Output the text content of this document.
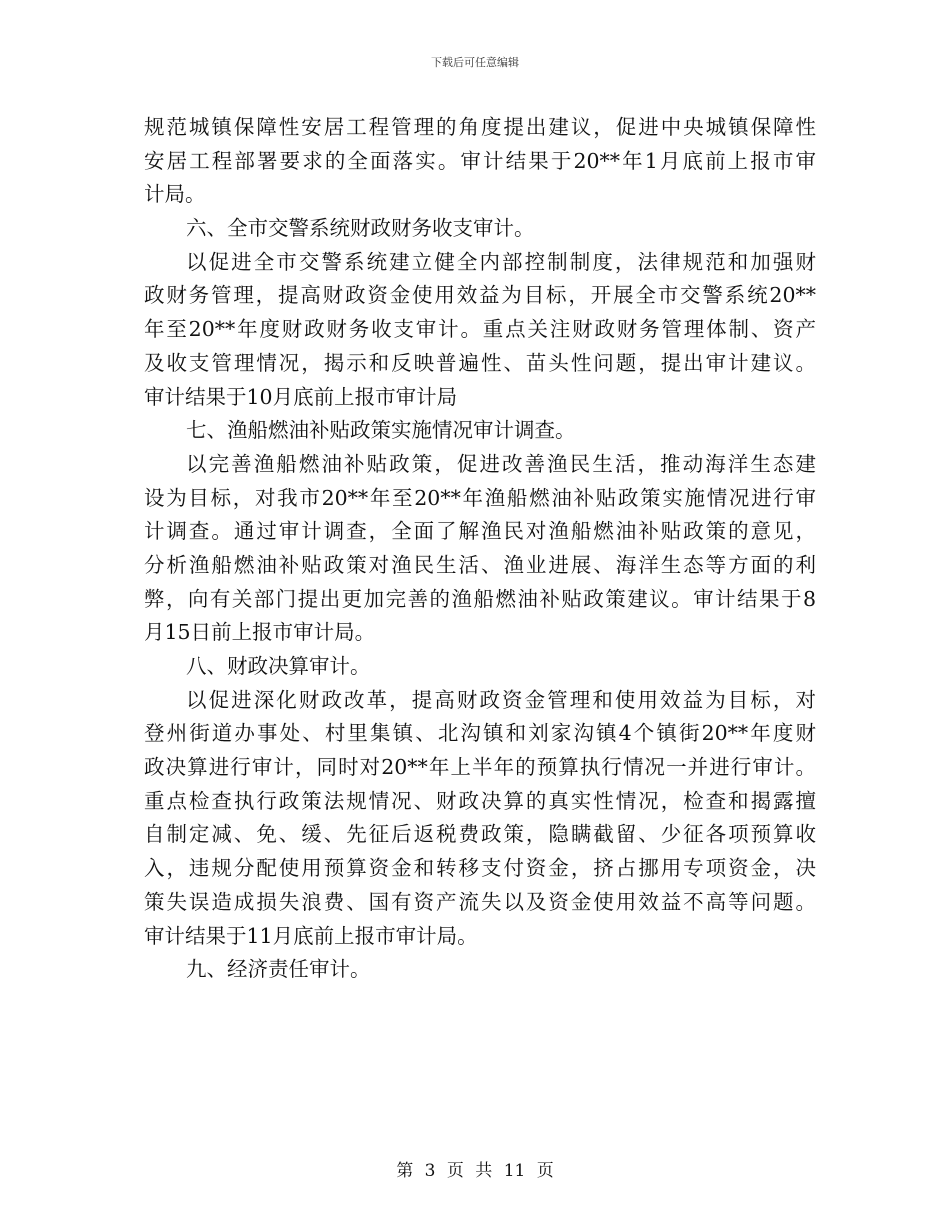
下载后可任意编辑
规范城镇保障性安居工程管理的角度提出建议，促进中央城镇保障性
安居工程部署要求的全面落实。审计结果于20**年1月底前上报市审
计局。
六、全市交警系统财政财务收支审计。
以促进全市交警系统建立健全内部控制制度，法律规范和加强财
政财务管理，提高财政资金使用效益为目标，开展全市交警系统20**
年至20**年度财政财务收支审计。重点关注财政财务管理体制、资产
及收支管理情况，揭示和反映普遍性、苗头性问题，提出审计建议。
审计结果于10月底前上报市审计局
七、渔船燃油补贴政策实施情况审计调查。
以完善渔船燃油补贴政策，促进改善渔民生活，推动海洋生态建
设为目标，对我市20**年至20**年渔船燃油补贴政策实施情况进行审
计调查。通过审计调查，全面了解渔民对渔船燃油补贴政策的意见，
分析渔船燃油补贴政策对渔民生活、渔业进展、海洋生态等方面的利
弊，向有关部门提出更加完善的渔船燃油补贴政策建议。审计结果于8
月15日前上报市审计局。
八、财政决算审计。
以促进深化财政改革，提高财政资金管理和使用效益为目标，对
登州街道办事处、村里集镇、北沟镇和刘家沟镇4个镇街20**年度财
政决算进行审计，同时对20**年上半年的预算执行情况一并进行审计。
重点检查执行政策法规情况、财政决算的真实性情况，检查和揭露擅
自制定减、免、缓、先征后返税费政策，隐瞒截留、少征各项预算收
入，违规分配使用预算资金和转移支付资金，挤占挪用专项资金，决
策失误造成损失浪费、国有资产流失以及资金使用效益不高等问题。
审计结果于11月底前上报市审计局。
九、经济责任审计。
第 3 页 共 11 页
